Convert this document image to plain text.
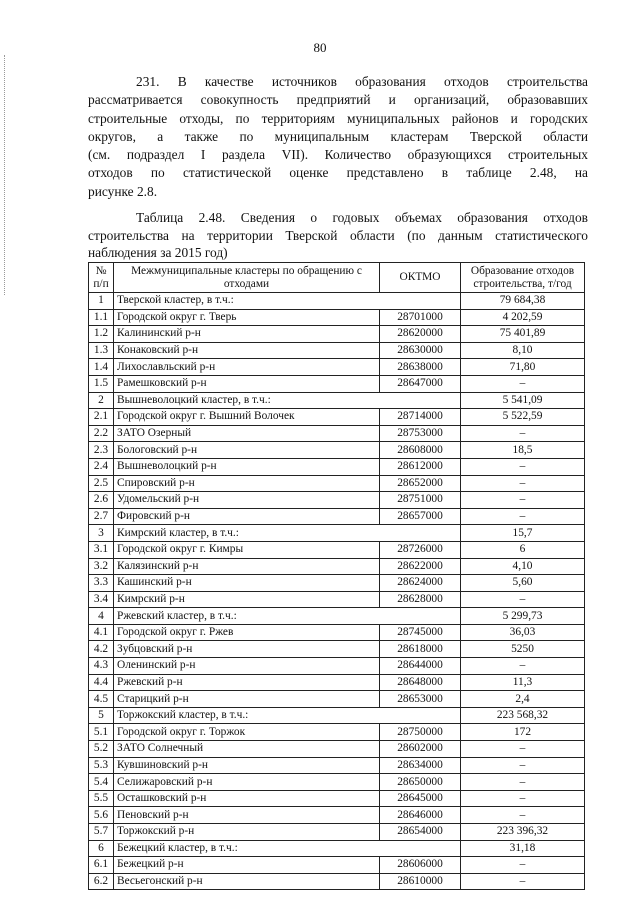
80

231. В качестве источников образования отходов строительства
рассматривается совокупность предприятий и организаций, образовавших
строительные отходы, по территориям муниципальных районов и городских
округов, а также по муниципальным кластерам Тверской области
(см. подраздел I раздела VII). Количество образующихся строительных
отходов по статистической оценке представлено в таблице 2.48, на
рисунке 2.8.

Таблица 2.48. Сведения о годовых объемах образования отходов
строительства на территории Тверской области (по данным статистического
наблюдения за 2015 год)

№ п/п	Межмуниципальные кластеры по обращению с отходами	ОКТМО	Образование отходов строительства, т/год
1	Тверской кластер, в т.ч.:		79 684,38
1.1	Городской округ г. Тверь	28701000	4 202,59
1.2	Калининский р-н	28620000	75 401,89
1.3	Конаковский р-н	28630000	8,10
1.4	Лихославльский р-н	28638000	71,80
1.5	Рамешковский р-н	28647000	–
2	Вышневолоцкий кластер, в т.ч.:		5 541,09
2.1	Городской округ г. Вышний Волочек	28714000	5 522,59
2.2	ЗАТО Озерный	28753000	–
2.3	Бологовский р-н	28608000	18,5
2.4	Вышневолоцкий р-н	28612000	–
2.5	Спировский р-н	28652000	–
2.6	Удомельский р-н	28751000	–
2.7	Фировский р-н	28657000	–
3	Кимрский кластер, в т.ч.:		15,7
3.1	Городской округ г. Кимры	28726000	6
3.2	Калязинский р-н	28622000	4,10
3.3	Кашинский р-н	28624000	5,60
3.4	Кимрский р-н	28628000	–
4	Ржевский кластер, в т.ч.:		5 299,73
4.1	Городской округ г. Ржев	28745000	36,03
4.2	Зубцовский р-н	28618000	5250
4.3	Оленинский р-н	28644000	–
4.4	Ржевский р-н	28648000	11,3
4.5	Старицкий р-н	28653000	2,4
5	Торжокский кластер, в т.ч.:		223 568,32
5.1	Городской округ г. Торжок	28750000	172
5.2	ЗАТО Солнечный	28602000	–
5.3	Кувшиновский р-н	28634000	–
5.4	Селижаровский р-н	28650000	–
5.5	Осташковский р-н	28645000	–
5.6	Пеновский р-н	28646000	–
5.7	Торжокский р-н	28654000	223 396,32
6	Бежецкий кластер, в т.ч.:		31,18
6.1	Бежецкий р-н	28606000	–
6.2	Весьегонский р-н	28610000	–
